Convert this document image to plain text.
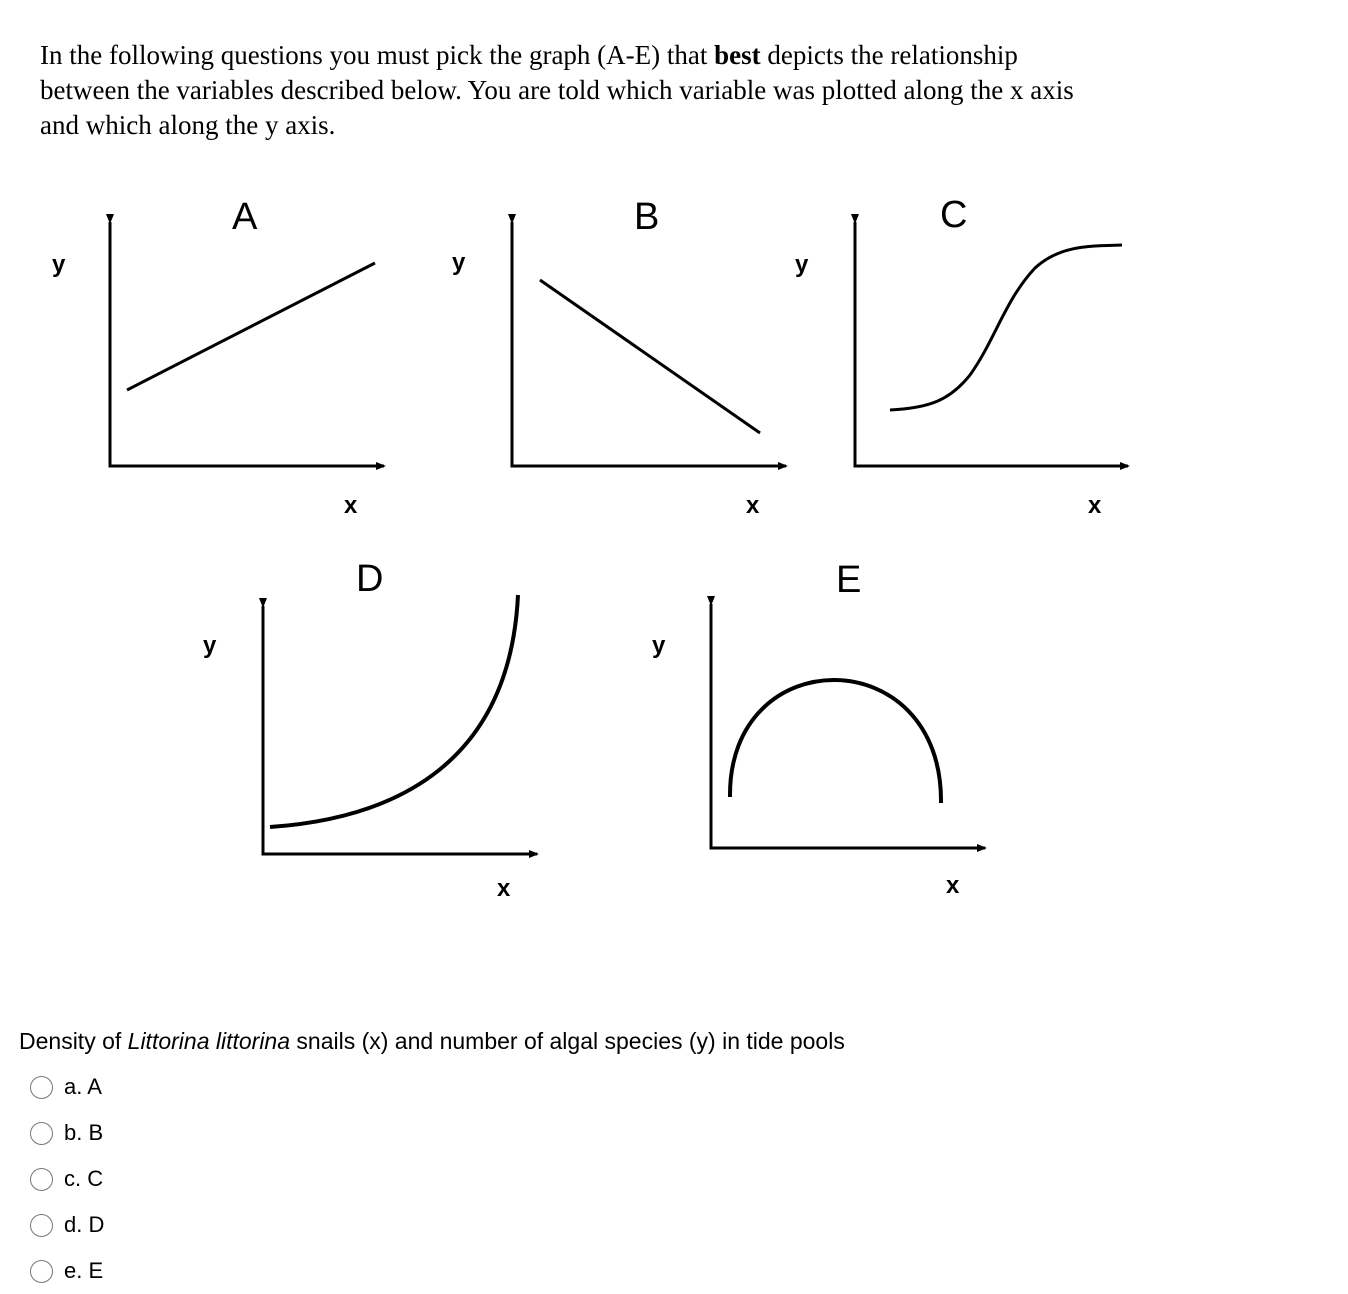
In the following questions you must pick the graph (A-E) that best depicts the relationship
between the variables described below. You are told which variable was plotted along the x axis
and which along the y axis.
y
A
x
y
B
x
y
C
x
y
D
x
y
E
x
Density of Littorina littorina snails (x) and number of algal species (y) in tide pools
a. A
b. B
c. C
d. D
e. E
